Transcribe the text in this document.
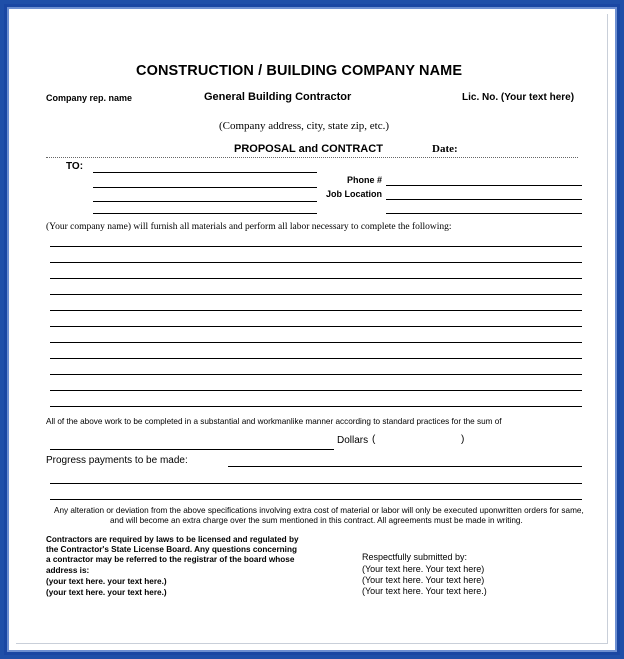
CONSTRUCTION / BUILDING COMPANY NAME
Company rep. name	General Building Contractor	Lic. No. (Your text here)
(Company address, city, state zip, etc.)
PROPOSAL and CONTRACT	Date:
TO:
Phone #
Job Location
(Your company name) will furnish all materials and perform all labor necessary to complete the following:
All of the above work to be completed in a substantial and workmanlike manner according to standard practices for the sum of
Dollars (	)
Progress payments to be made:
Any alteration or deviation from the above specifications involving extra cost of material or labor will only be executed uponwritten orders for same,
and will become an extra charge over the sum mentioned in this contract. All agreements must be made in writing.
Contractors are required by laws to be licensed and regulated by
the Contractor's State License Board. Any questions concerning
a contractor may be referred to the registrar of the board whose
address is:
(your text here. your text here.)
(your text here. your text here.)
Respectfully submitted by:
(Your text here. Your text here)
(Your text here. Your text here)
(Your text here. Your text here.)
